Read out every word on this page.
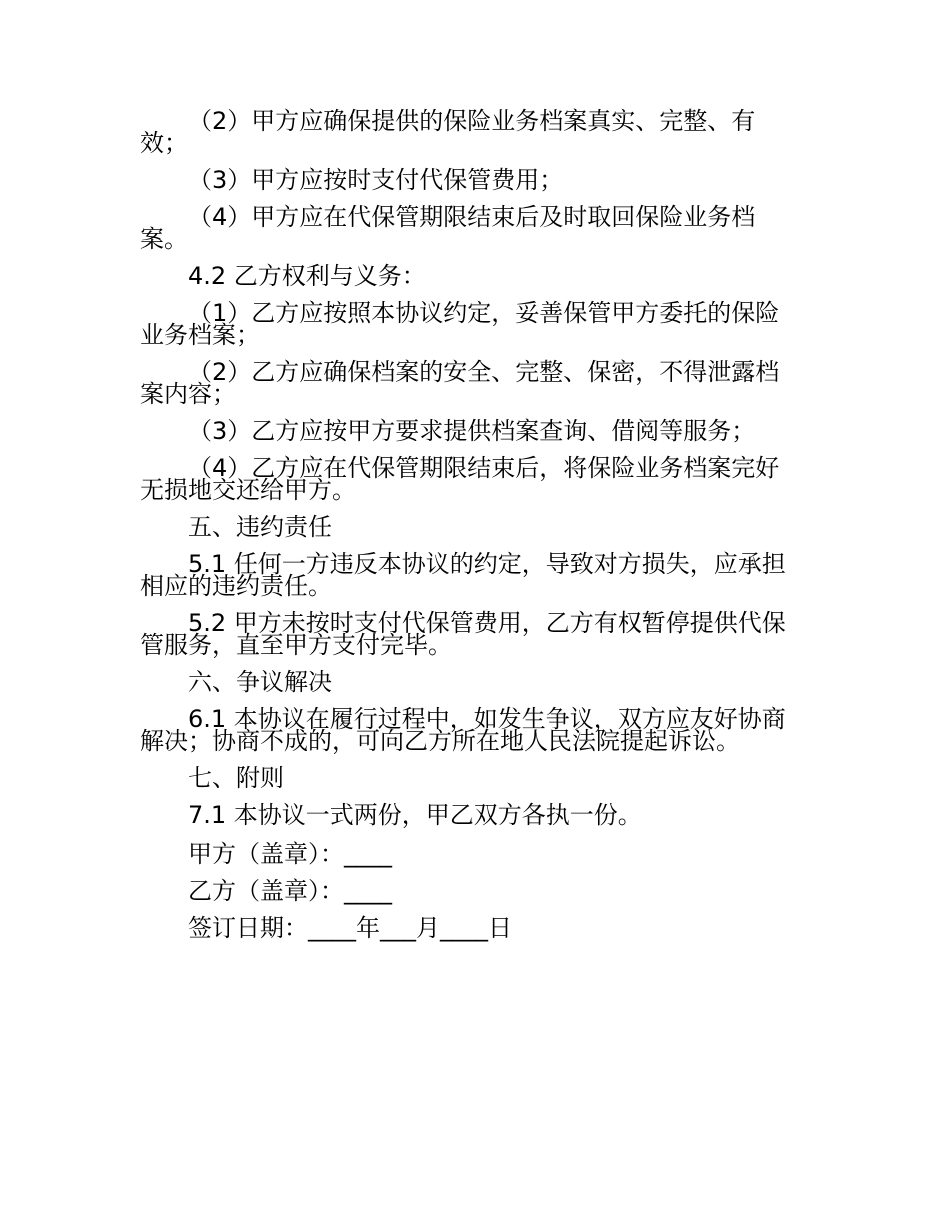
（2）甲方应确保提供的保险业务档案真实、完整、有
效；
（3）甲方应按时支付代保管费用；
（4）甲方应在代保管期限结束后及时取回保险业务档
案。
4.2 乙方权利与义务：
（1）乙方应按照本协议约定，妥善保管甲方委托的保险
业务档案；
（2）乙方应确保档案的安全、完整、保密，不得泄露档
案内容；
（3）乙方应按甲方要求提供档案查询、借阅等服务；
（4）乙方应在代保管期限结束后，将保险业务档案完好
无损地交还给甲方。
五、违约责任
5.1 任何一方违反本协议的约定，导致对方损失，应承担
相应的违约责任。
5.2 甲方未按时支付代保管费用，乙方有权暂停提供代保
管服务，直至甲方支付完毕。
六、争议解决
6.1 本协议在履行过程中，如发生争议，双方应友好协商
解决；协商不成的，可向乙方所在地人民法院提起诉讼。
七、附则
7.1 本协议一式两份，甲乙双方各执一份。
甲方（盖章）：____
乙方（盖章）：____
签订日期：____年___月____日
